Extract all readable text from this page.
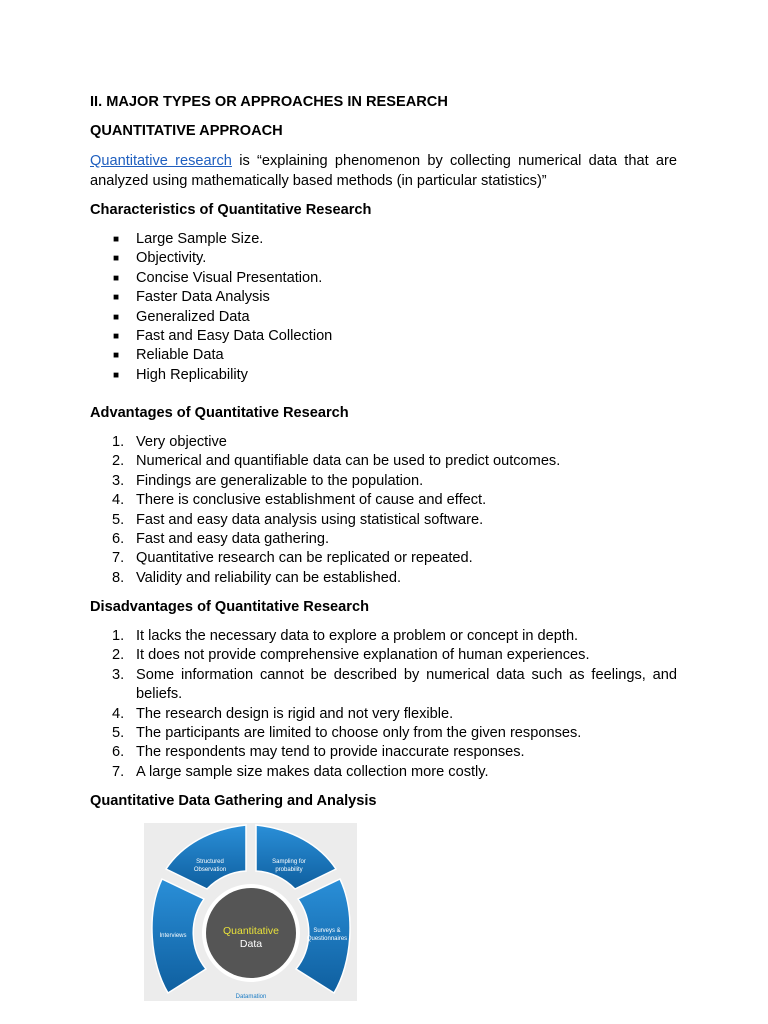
II. MAJOR TYPES OR APPROACHES IN RESEARCH
QUANTITATIVE APPROACH
Quantitative research is “explaining phenomenon by collecting numerical data that are analyzed using mathematically based methods (in particular statistics)”
Characteristics of Quantitative Research
■ Large Sample Size.
■ Objectivity.
■ Concise Visual Presentation.
■ Faster Data Analysis
■ Generalized Data
■ Fast and Easy Data Collection
■ Reliable Data
■ High Replicability
Advantages of Quantitative Research
1. Very objective
2. Numerical and quantifiable data can be used to predict outcomes.
3. Findings are generalizable to the population.
4. There is conclusive establishment of cause and effect.
5. Fast and easy data analysis using statistical software.
6. Fast and easy data gathering.
7. Quantitative research can be replicated or repeated.
8. Validity and reliability can be established.
Disadvantages of Quantitative Research
1. It lacks the necessary data to explore a problem or concept in depth.
2. It does not provide comprehensive explanation of human experiences.
3. Some information cannot be described by numerical data such as feelings, and beliefs.
4. The research design is rigid and not very flexible.
5. The participants are limited to choose only from the given responses.
6. The respondents may tend to provide inaccurate responses.
7. A large sample size makes data collection more costly.
Quantitative Data Gathering and Analysis
Quantitative
Data
Structured
Observation
Sampling for
probability
Interviews
Surveys &
Questionnaires
Datamation
